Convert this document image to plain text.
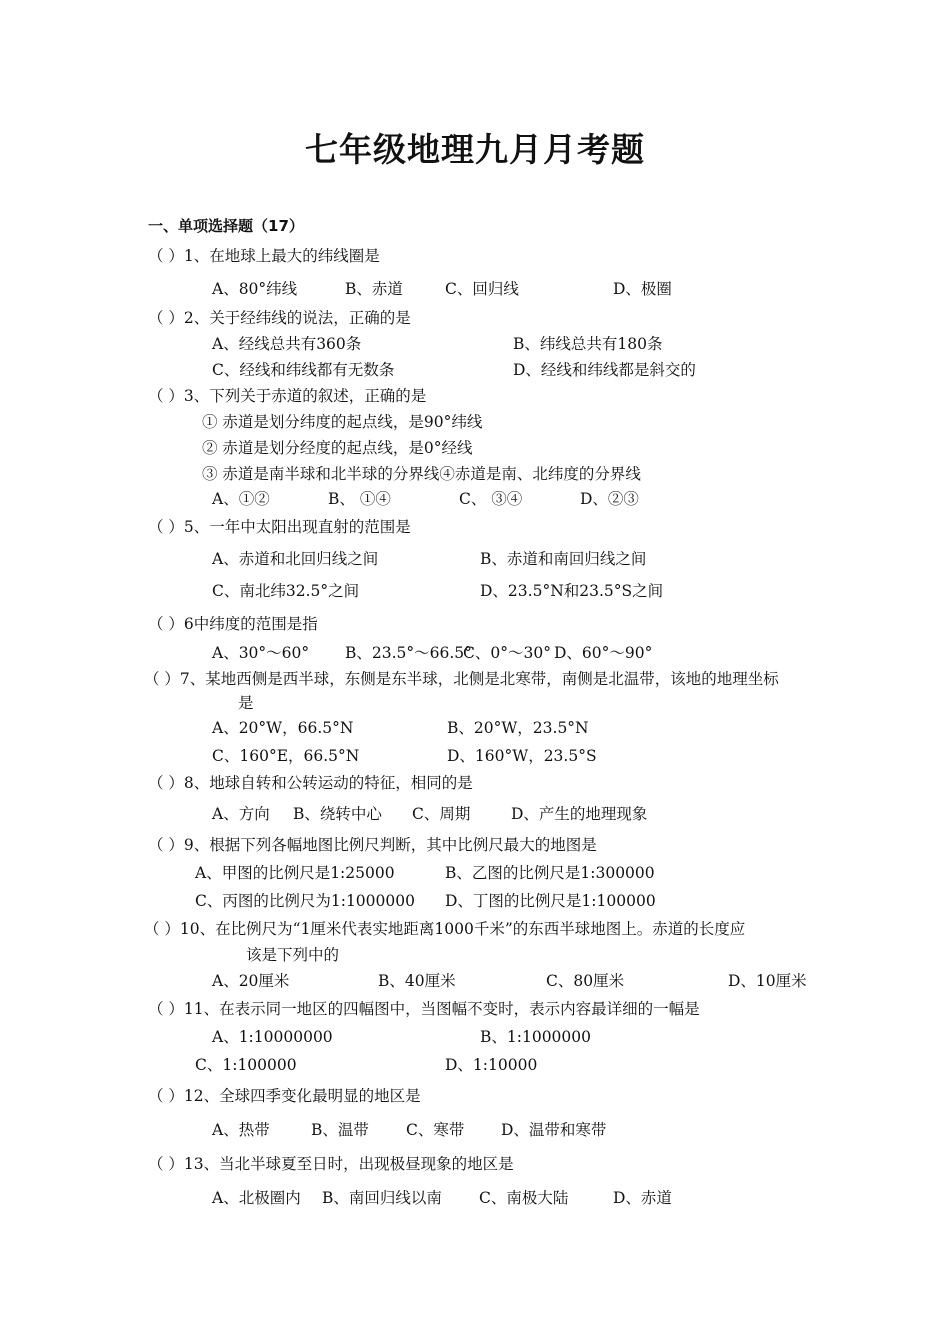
七年级地理九月月考题
一、单项选择题（17）
（ ）1、在地球上最大的纬线圈是
A、80°纬线	B、赤道	C、回归线	D、极圈
（ ）2、关于经纬线的说法，正确的是
A、经线总共有360条	B、纬线总共有180条
C、经线和纬线都有无数条	D、经线和纬线都是斜交的
（ ）3、下列关于赤道的叙述，正确的是
① 赤道是划分纬度的起点线，是90°纬线
② 赤道是划分经度的起点线，是0°经线
③ 赤道是南半球和北半球的分界线④赤道是南、北纬度的分界线
A、①②	B、 ①④	C、 ③④	D、②③
（ ）5、一年中太阳出现直射的范围是
A、赤道和北回归线之间	B、赤道和南回归线之间
C、南北纬32.5°之间	D、23.5°N和23.5°S之间
（ ）6中纬度的范围是指
A、30°～60° B、23.5°～66.5°
C、0°～30° D、60°～90°
（ ）7、某地西侧是西半球，东侧是东半球，北侧是北寒带，南侧是北温带，该地的地理坐标
是
A、20°W，66.5°N	B、20°W，23.5°N
C、160°E，66.5°N	D、160°W，23.5°S
（ ）8、地球自转和公转运动的特征，相同的是
A、方向 B、绕转中心 C、周期	D、产生的地理现象
（ ）9、根据下列各幅地图比例尺判断，其中比例尺最大的地图是
A、甲图的比例尺是1:25000	B、乙图的比例尺是1:300000
C、丙图的比例尺为1:1000000 D、丁图的比例尺是1:100000
（ ）10、在比例尺为“1厘米代表实地距离1000千米”的东西半球地图上。赤道的长度应
该是下列中的
A、20厘米	B、40厘米	C、80厘米	D、10厘米
（ ）11、在表示同一地区的四幅图中，当图幅不变时，表示内容最详细的一幅是
A、1:10000000	B、1:1000000
C、1:100000	D、1:10000
（ ）12、全球四季变化最明显的地区是
A、热带	B、温带 C、寒带 D、温带和寒带
（ ）13、当北半球夏至日时，出现极昼现象的地区是
A、北极圈内 B、南回归线以南 C、南极大陆	D、赤道
